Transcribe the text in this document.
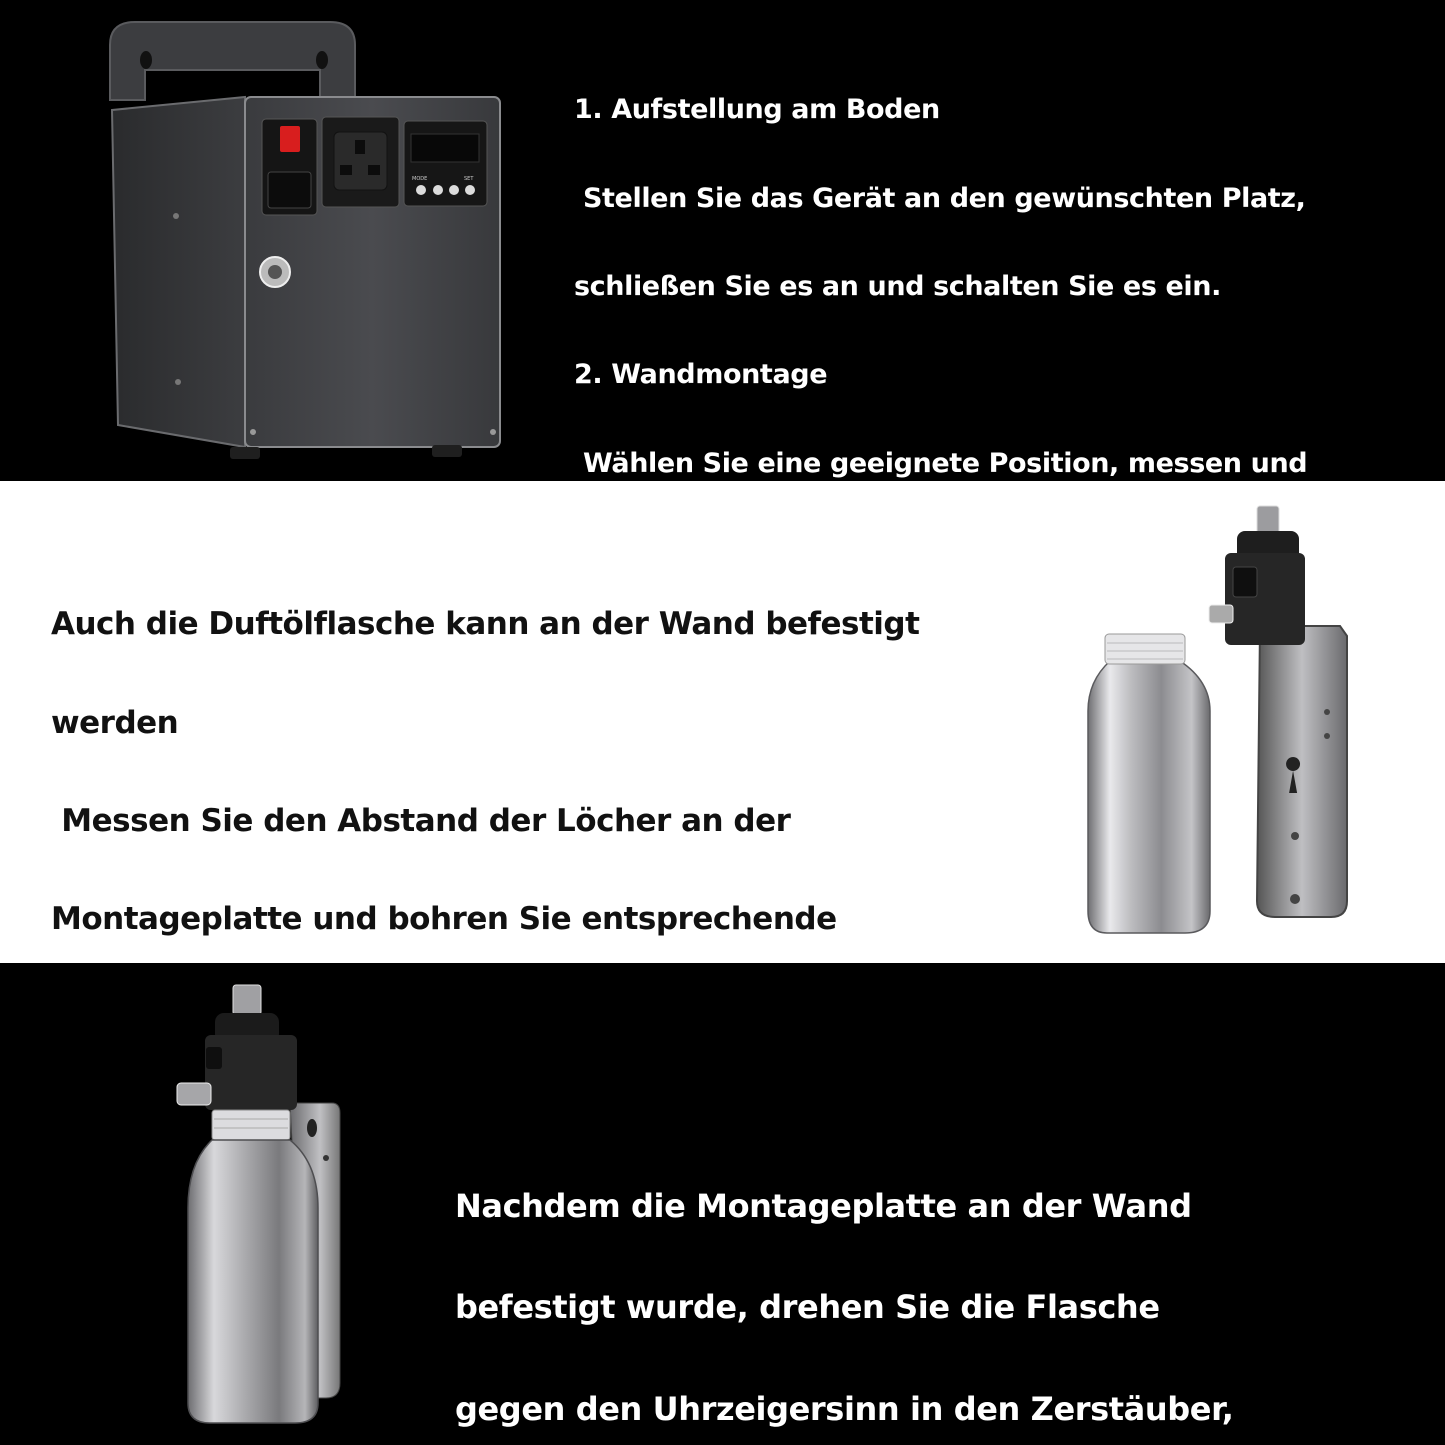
MODE	SET

1. Aufstellung am Boden

Stellen Sie das Gerät an den gewünschten Platz,

schließen Sie es an und schalten Sie es ein.

2. Wandmontage

Wählen Sie eine geeignete Position, messen und

Auch die Duftölflasche kann an der Wand befestigt

werden

Messen Sie den Abstand der Löcher an der

Montageplatte und bohren Sie entsprechende

Nachdem die Montageplatte an der Wand

befestigt wurde, drehen Sie die Flasche

gegen den Uhrzeigersinn in den Zerstäuber,
